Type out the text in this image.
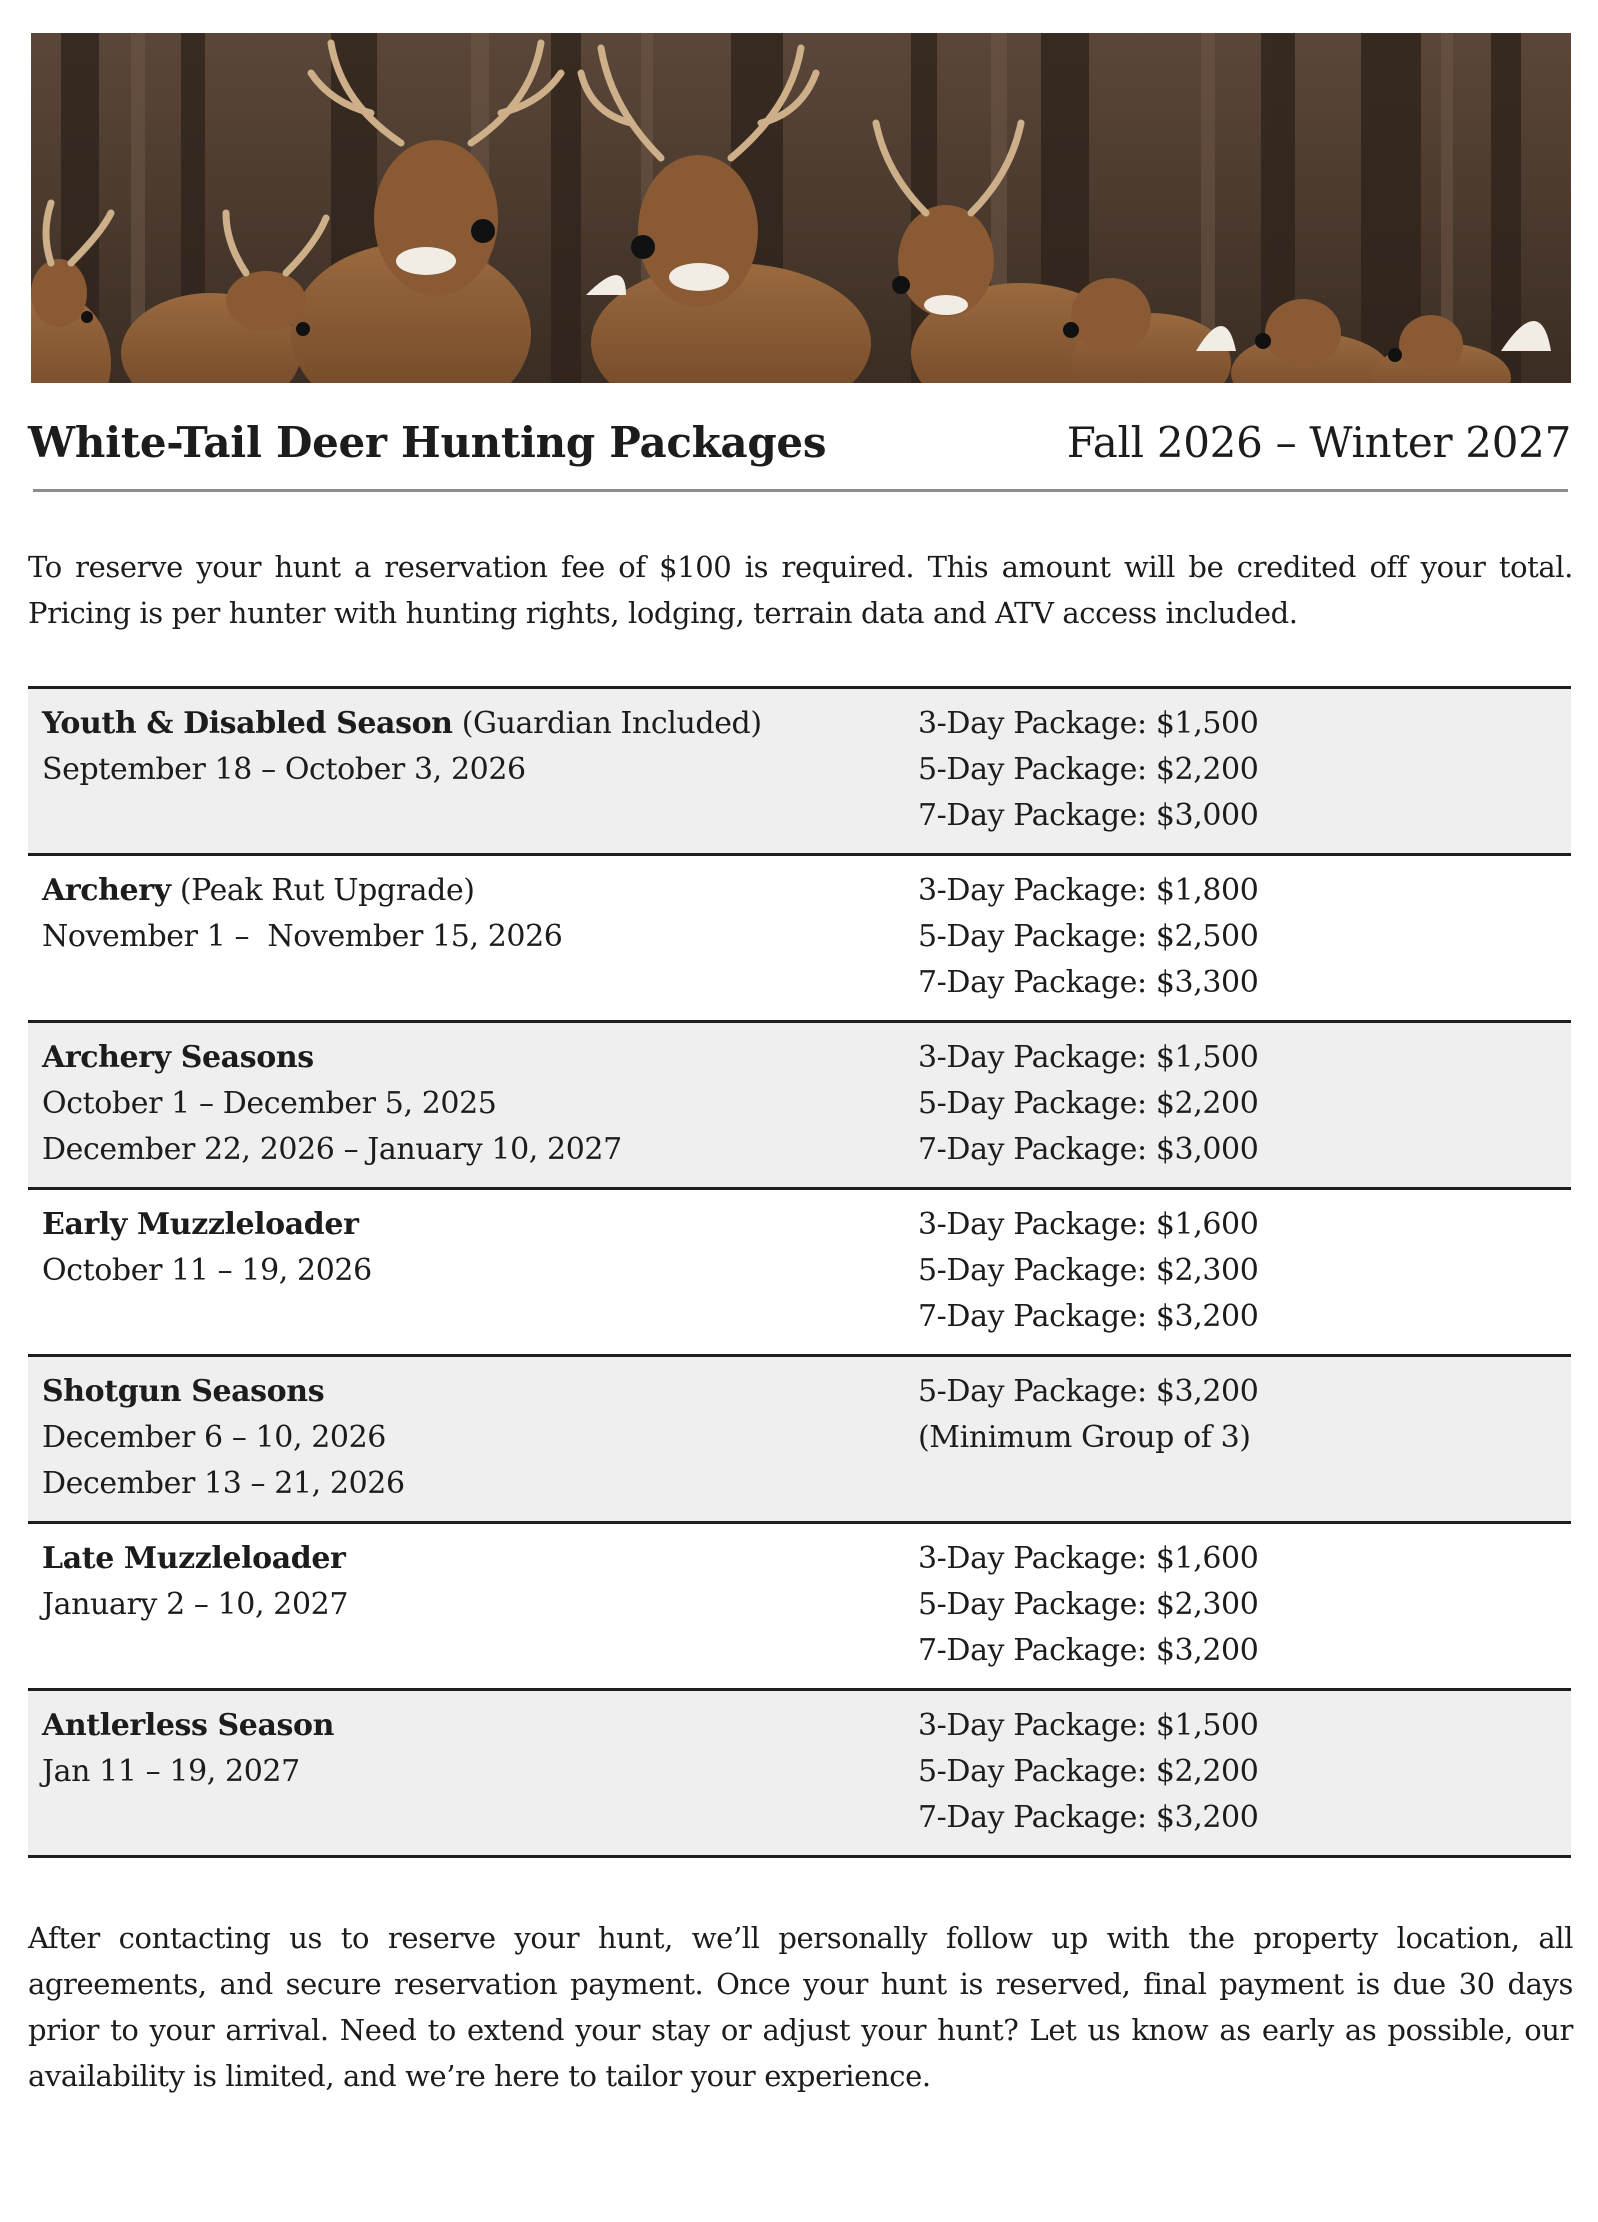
White-Tail Deer Hunting Packages	Fall 2026 – Winter 2027
To reserve your hunt a reservation fee of $100 is required. This amount will be credited off your total. Pricing is per hunter with hunting rights, lodging, terrain data and ATV access included.
Youth & Disabled Season (Guardian Included)
September 18 – October 3, 2026
3-Day Package: $1,500
5-Day Package: $2,200
7-Day Package: $3,000
Archery (Peak Rut Upgrade)
November 1 –  November 15, 2026
3-Day Package: $1,800
5-Day Package: $2,500
7-Day Package: $3,300
Archery Seasons
October 1 – December 5, 2025
December 22, 2026 – January 10, 2027
3-Day Package: $1,500
5-Day Package: $2,200
7-Day Package: $3,000
Early Muzzleloader
October 11 – 19, 2026
3-Day Package: $1,600
5-Day Package: $2,300
7-Day Package: $3,200
Shotgun Seasons
December 6 – 10, 2026
December 13 – 21, 2026
5-Day Package: $3,200
(Minimum Group of 3)
Late Muzzleloader
January 2 – 10, 2027
3-Day Package: $1,600
5-Day Package: $2,300
7-Day Package: $3,200
Antlerless Season
Jan 11 – 19, 2027
3-Day Package: $1,500
5-Day Package: $2,200
7-Day Package: $3,200
After contacting us to reserve your hunt, we’ll personally follow up with the property location, all agreements, and secure reservation payment. Once your hunt is reserved, final payment is due 30 days prior to your arrival. Need to extend your stay or adjust your hunt? Let us know as early as possible, our availability is limited, and we’re here to tailor your experience.
